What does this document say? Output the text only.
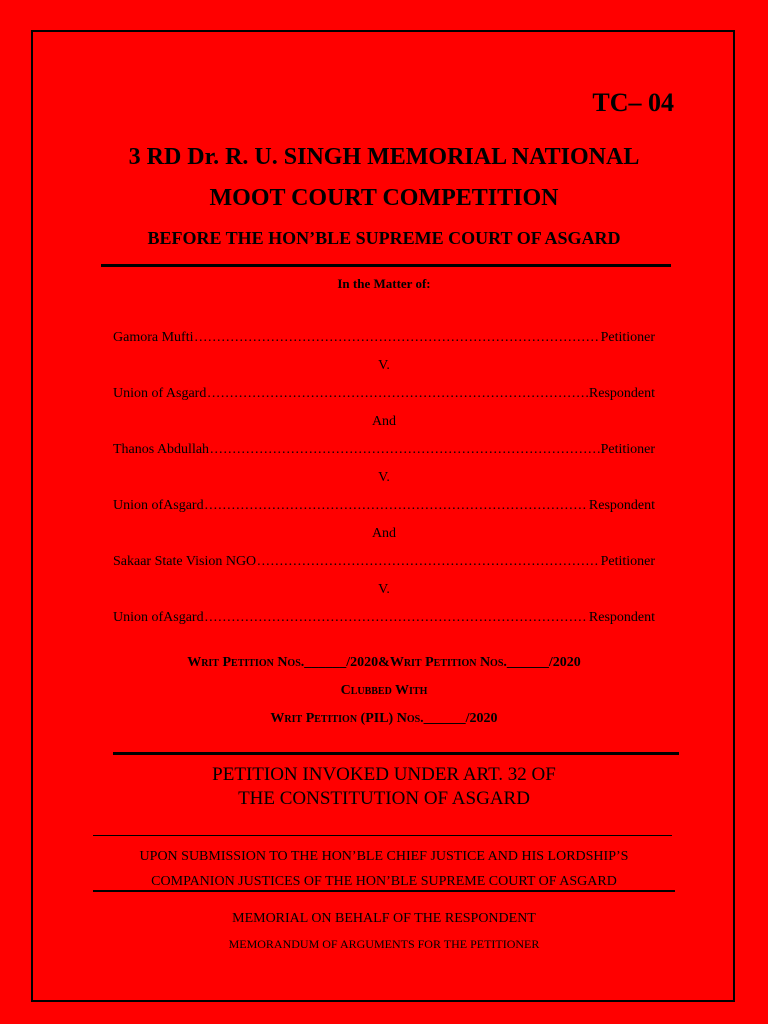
TC– 04
3 RD Dr. R. U. SINGH MEMORIAL NATIONAL
MOOT COURT COMPETITION
BEFORE THE HON’BLE SUPREME COURT OF ASGARD
In the Matter of:
Gamora Mufti .....	Petitioner
V.
Union of Asgard .....	Respondent
And
Thanos Abdullah .....	Petitioner
V.
Union ofAsgard .....	Respondent
And
Sakaar State Vision NGO .....	Petitioner
V.
Union ofAsgard .....	Respondent
Writ Petition Nos.______/2020&Writ Petition Nos.______/2020
Clubbed With
Writ Petition (PIL) Nos.______/2020
PETITION INVOKED UNDER ART. 32 OF
THE CONSTITUTION OF ASGARD
UPON SUBMISSION TO THE HON’BLE CHIEF JUSTICE AND HIS LORDSHIP’S
COMPANION JUSTICES OF THE HON’BLE SUPREME COURT OF ASGARD
MEMORIAL ON BEHALF OF THE RESPONDENT
MEMORANDUM OF ARGUMENTS FOR THE PETITIONER
